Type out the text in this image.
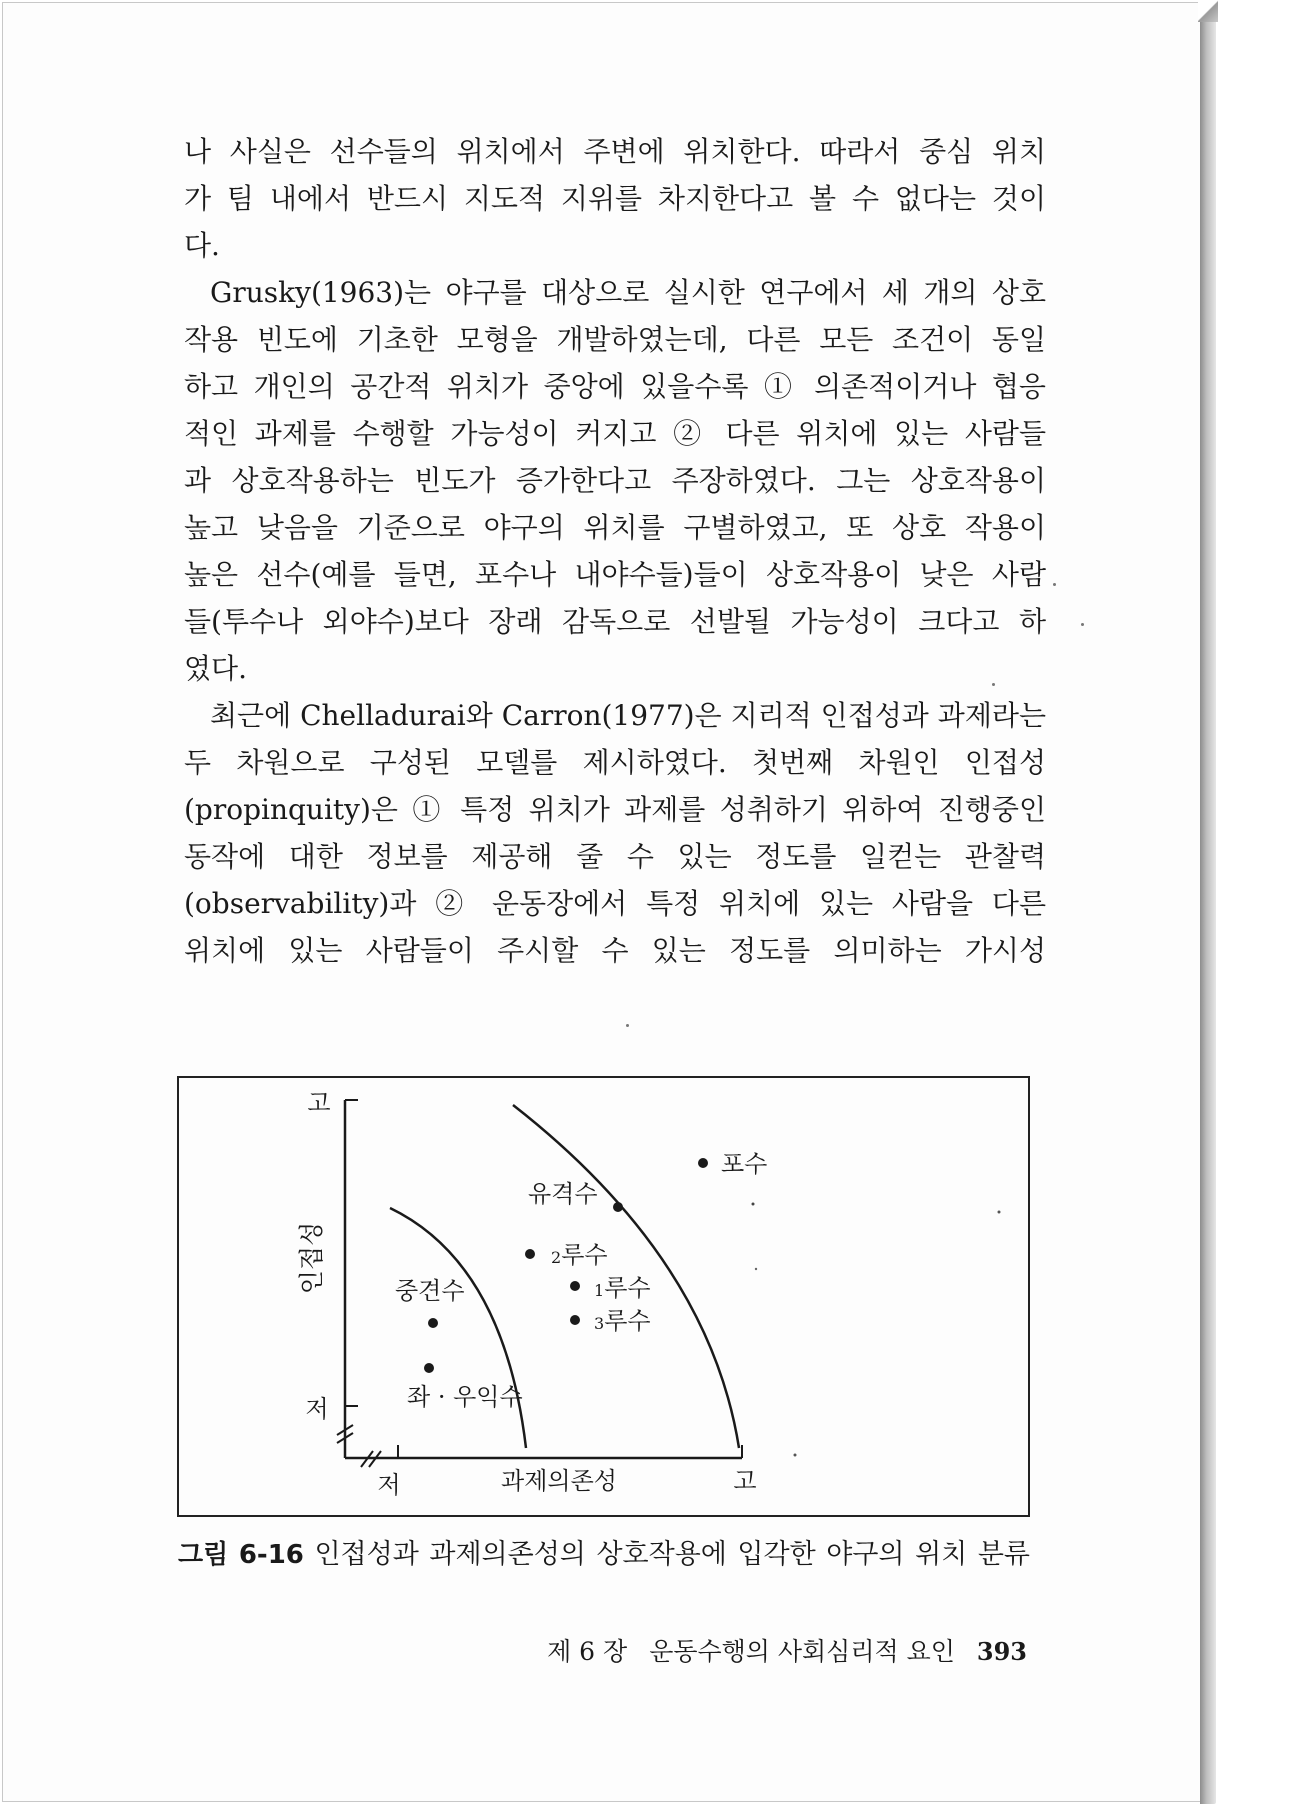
나 사실은 선수들의 위치에서 주변에 위치한다. 따라서 중심 위치
가 팀 내에서 반드시 지도적 지위를 차지한다고 볼 수 없다는 것이
다.
Grusky(1963)는 야구를 대상으로 실시한 연구에서 세 개의 상호
작용 빈도에 기초한 모형을 개발하였는데, 다른 모든 조건이 동일
하고 개인의 공간적 위치가 중앙에 있을수록 ① 의존적이거나 협응
적인 과제를 수행할 가능성이 커지고 ② 다른 위치에 있는 사람들
과 상호작용하는 빈도가 증가한다고 주장하였다. 그는 상호작용이
높고 낮음을 기준으로 야구의 위치를 구별하였고, 또 상호 작용이
높은 선수(예를 들면, 포수나 내야수들)들이 상호작용이 낮은 사람
들(투수나 외야수)보다 장래 감독으로 선발될 가능성이 크다고 하
였다.
최근에 Chelladurai와 Carron(1977)은 지리적 인접성과 과제라는
두 차원으로 구성된 모델를 제시하였다. 첫번째 차원인 인접성
(propinquity)은 ① 특정 위치가 과제를 성취하기 위하여 진행중인
동작에 대한 정보를 제공해 줄 수 있는 정도를 일컫는 관찰력
(observability)과 ② 운동장에서 특정 위치에 있는 사람을 다른
위치에 있는 사람들이 주시할 수 있는 정도를 의미하는 가시성
고
저
인접성
저	과제의존성	고
포수
유격수
2루수
1루수
3루수
중견수
좌 · 우익수
그림 6-16 인접성과 과제의존성의 상호작용에 입각한 야구의 위치 분류
제 6 장 운동수행의 사회심리적 요인 393
